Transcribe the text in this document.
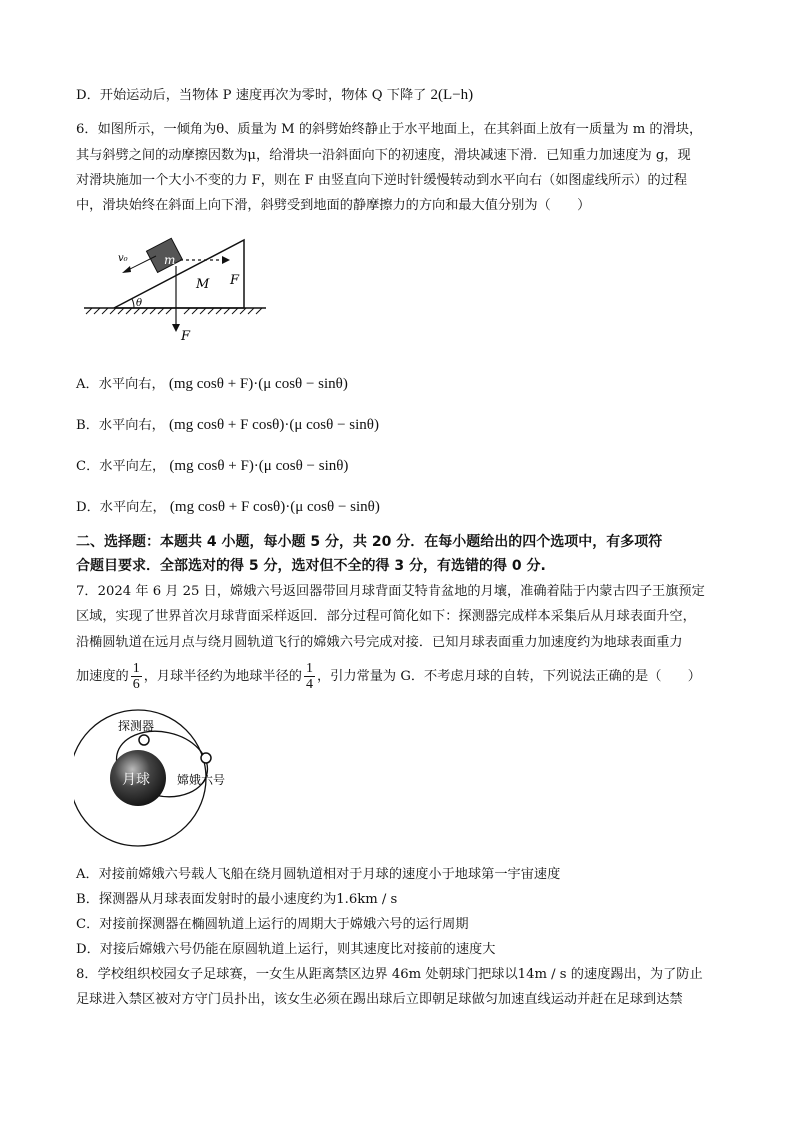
D．开始运动后，当物体 P 速度再次为零时，物体 Q 下降了 2(L−h)
6．如图所示，一倾角为θ、质量为 M 的斜劈始终静止于水平地面上，在其斜面上放有一质量为 m 的滑块，
其与斜劈之间的动摩擦因数为μ，给滑块一沿斜面向下的初速度，滑块减速下滑．已知重力加速度为 g，现
对滑块施加一个大小不变的力 F，则在 F 由竖直向下逆时针缓慢转动到水平向右（如图虚线所示）的过程
中，滑块始终在斜面上向下滑，斜劈受到地面的静摩擦力的方向和最大值分别为（　　）
θ
m
v₀
F
M
F
A．水平向右， (mg cosθ + F)·(μ cosθ − sinθ)
B．水平向右， (mg cosθ + F cosθ)·(μ cosθ − sinθ)
C．水平向左， (mg cosθ + F)·(μ cosθ − sinθ)
D．水平向左， (mg cosθ + F cosθ)·(μ cosθ − sinθ)
二、选择题：本题共 4 小题，每小题 5 分，共 20 分．在每小题给出的四个选项中，有多项符
合题目要求．全部选对的得 5 分，选对但不全的得 3 分，有选错的得 0 分.
7．2024 年 6 月 25 日，嫦娥六号返回器带回月球背面艾特肯盆地的月壤，准确着陆于内蒙古四子王旗预定
区域，实现了世界首次月球背面采样返回．部分过程可简化如下：探测器完成样本采集后从月球表面升空，
沿椭圆轨道在远月点与绕月圆轨道飞行的嫦娥六号完成对接．已知月球表面重力加速度约为地球表面重力
加速度的 $\frac{1}{6}$ ，月球半径约为地球半径的 $\frac{1}{4}$ ，引力常量为 G．不考虑月球的自转，下列说法正确的是（　　）
月球
探测器
嫦娥六号
A．对接前嫦娥六号载人飞船在绕月圆轨道相对于月球的速度小于地球第一宇宙速度
B．探测器从月球表面发射时的最小速度约为1.6km / s
C．对接前探测器在椭圆轨道上运行的周期大于嫦娥六号的运行周期
D．对接后嫦娥六号仍能在原圆轨道上运行，则其速度比对接前的速度大
8．学校组织校园女子足球赛，一女生从距离禁区边界 46m 处朝球门把球以14m / s 的速度踢出，为了防止
足球进入禁区被对方守门员扑出，该女生必须在踢出球后立即朝足球做匀加速直线运动并赶在足球到达禁
